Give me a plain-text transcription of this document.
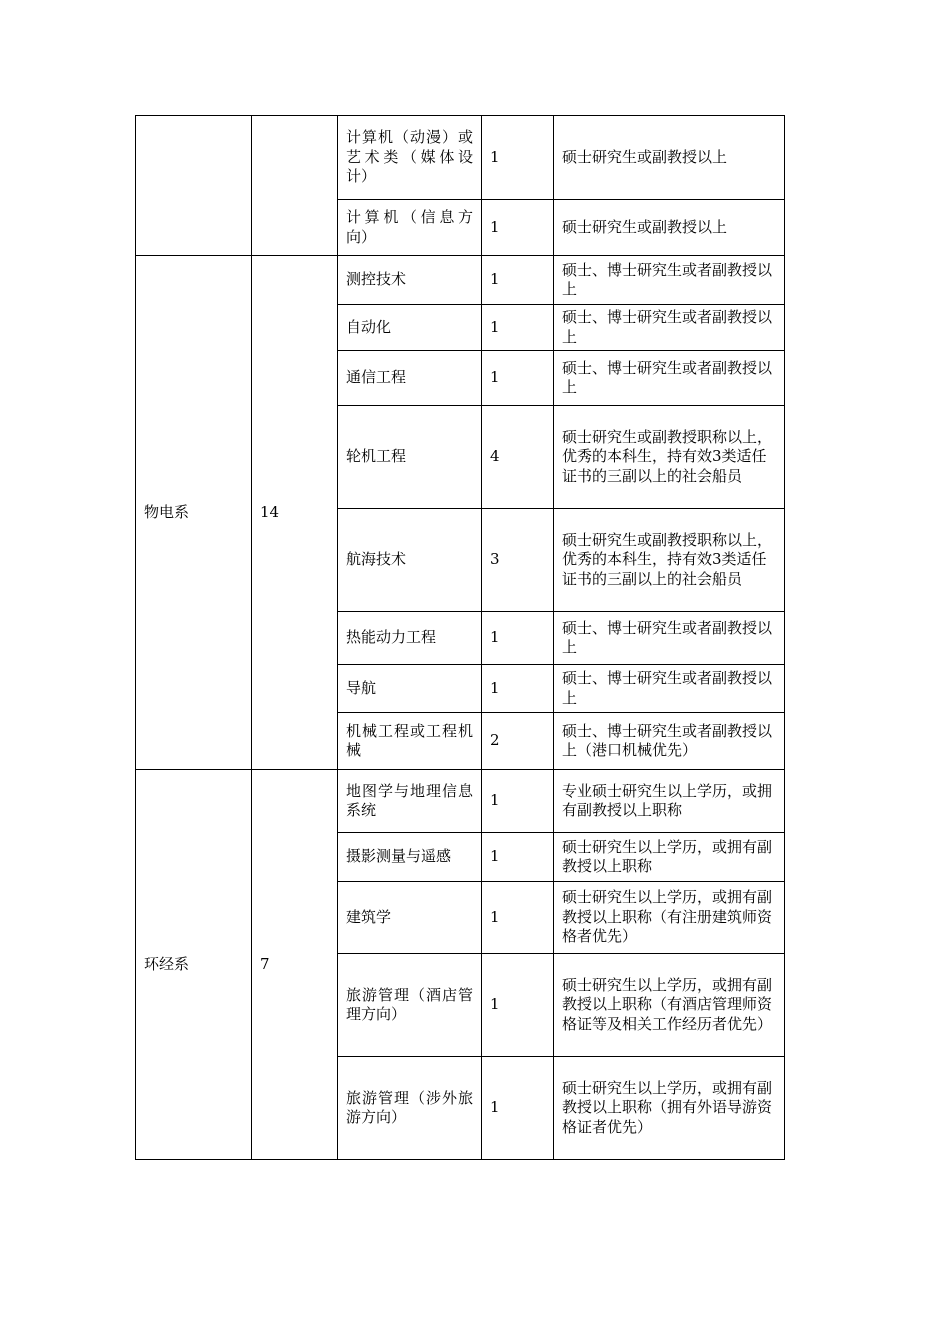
		计算机（动漫）或艺术类（媒体设计）	1	硕士研究生或副教授以上
		计算机（信息方向）	1	硕士研究生或副教授以上
物电系	14	测控技术	1	硕士、博士研究生或者副教授以上
		自动化	1	硕士、博士研究生或者副教授以上
		通信工程	1	硕士、博士研究生或者副教授以上
		轮机工程	4	硕士研究生或副教授职称以上，优秀的本科生，持有效3类适任证书的三副以上的社会船员
		航海技术	3	硕士研究生或副教授职称以上，优秀的本科生，持有效3类适任证书的三副以上的社会船员
		热能动力工程	1	硕士、博士研究生或者副教授以上
		导航	1	硕士、博士研究生或者副教授以上
		机械工程或工程机械	2	硕士、博士研究生或者副教授以上（港口机械优先）
环经系	7	地图学与地理信息系统	1	专业硕士研究生以上学历，或拥有副教授以上职称
		摄影测量与遥感	1	硕士研究生以上学历，或拥有副教授以上职称
		建筑学	1	硕士研究生以上学历，或拥有副教授以上职称（有注册建筑师资格者优先）
		旅游管理（酒店管理方向）	1	硕士研究生以上学历，或拥有副教授以上职称（有酒店管理师资格证等及相关工作经历者优先）
		旅游管理（涉外旅游方向）	1	硕士研究生以上学历，或拥有副教授以上职称（拥有外语导游资格证者优先）
